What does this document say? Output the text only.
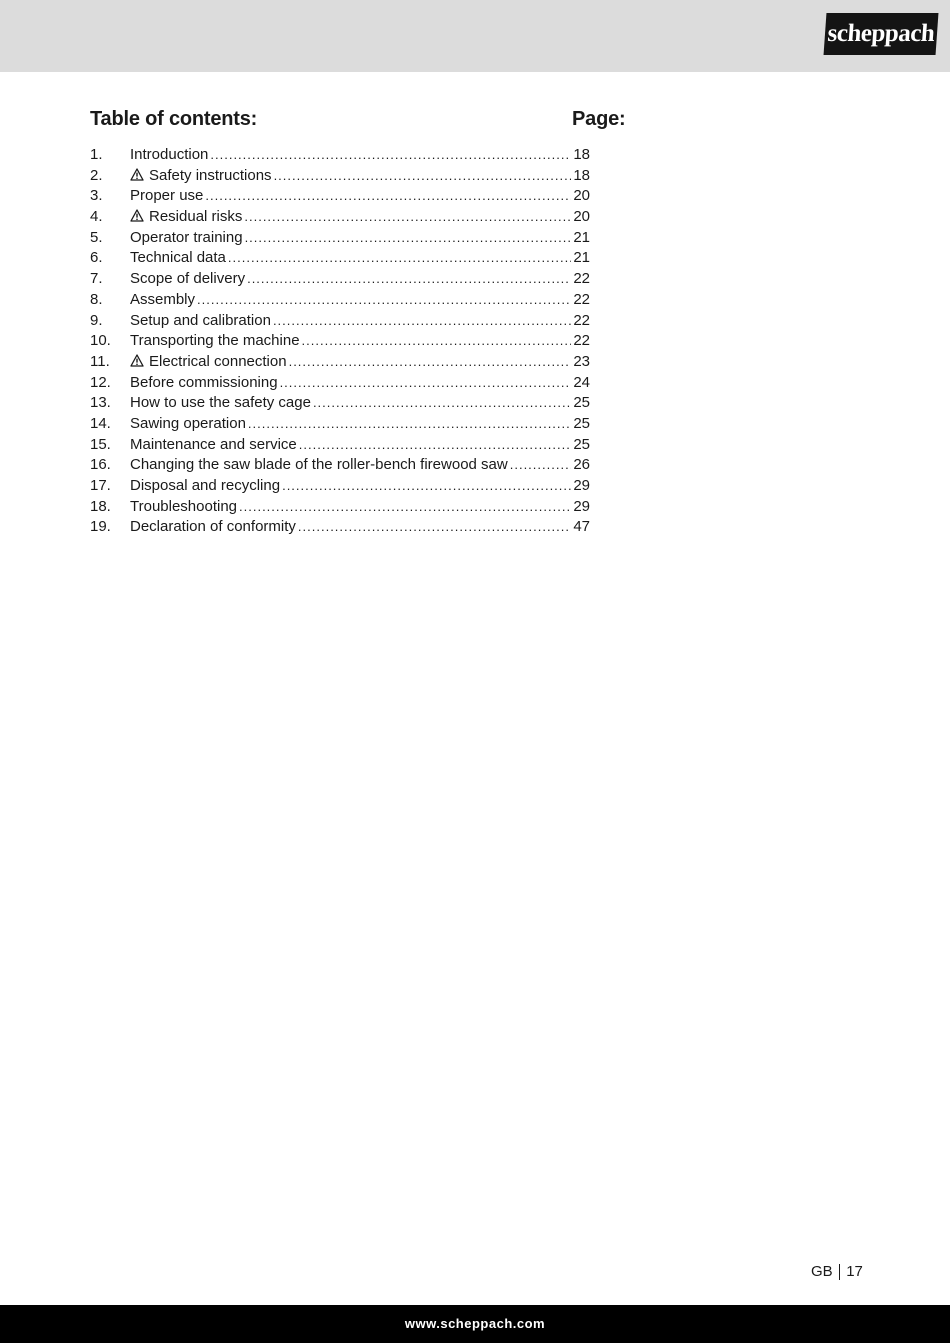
scheppach
Table of contents:	Page:
1.	Introduction .....	18
2.	Safety instructions .....	18
3.	Proper use .....	20
4.	Residual risks .....	20
5.	Operator training .....	21
6.	Technical data .....	21
7.	Scope of delivery .....	22
8.	Assembly .....	22
9.	Setup and calibration .....	22
10.	Transporting the machine .....	22
11.	Electrical connection .....	23
12.	Before commissioning .....	24
13.	How to use the safety cage .....	25
14.	Sawing operation .....	25
15.	Maintenance and service .....	25
16.	Changing the saw blade of the roller-bench firewood saw .....	26
17.	Disposal and recycling .....	29
18.	Troubleshooting .....	29
19.	Declaration of conformity .....	47
GB 17
www.scheppach.com
